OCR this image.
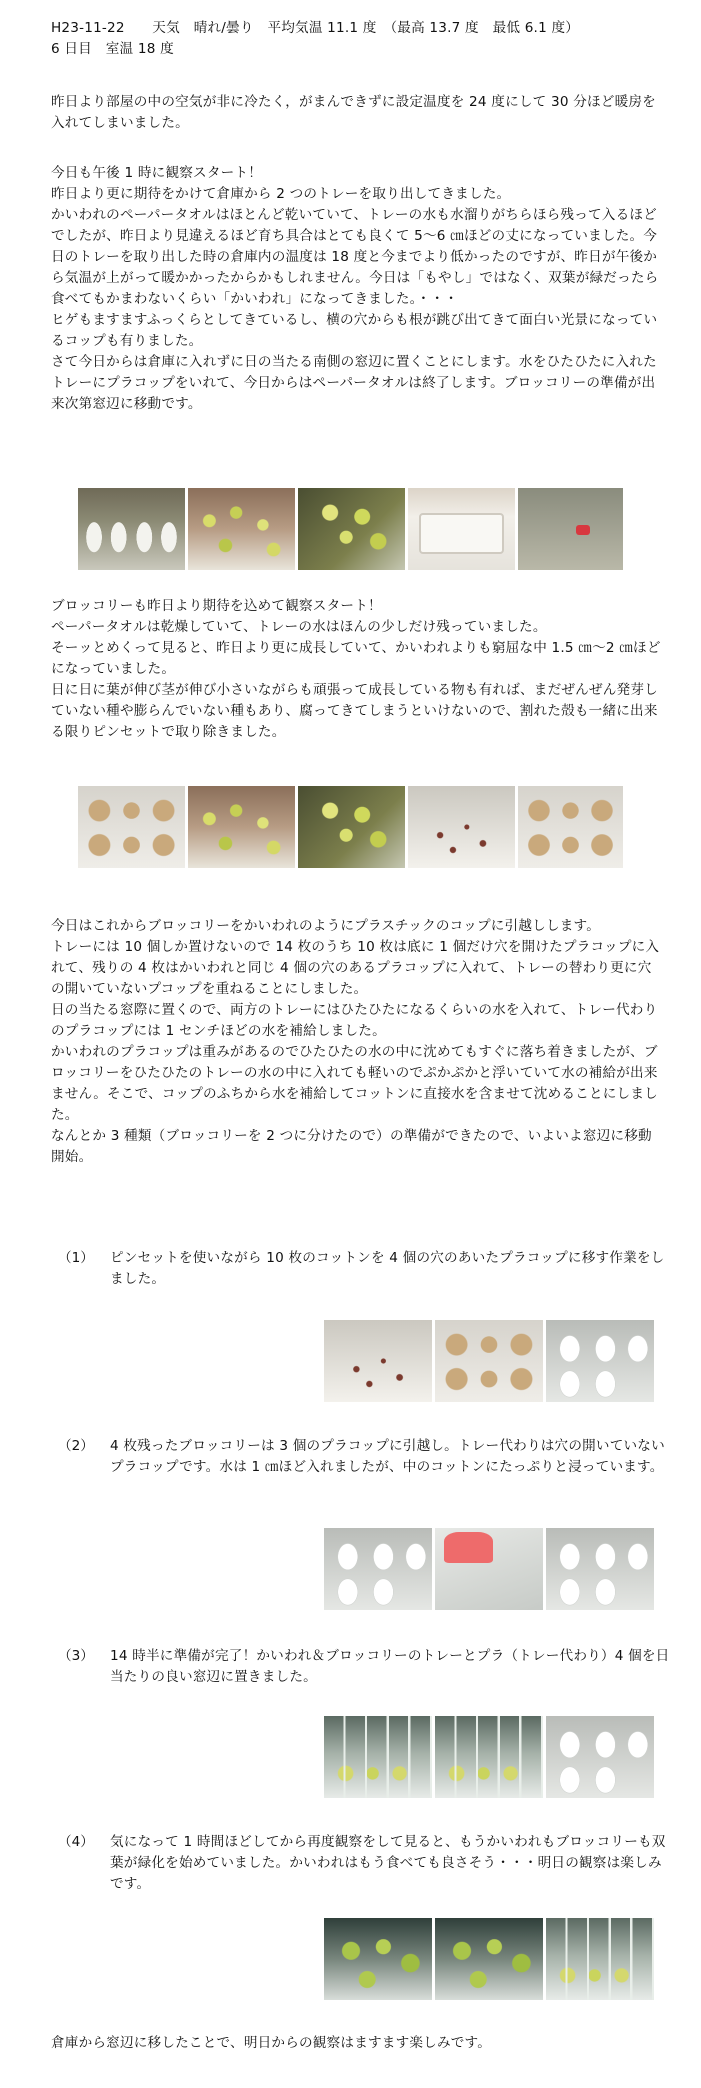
H23-11-22　　天気　晴れ/曇り　平均気温 11.1 度　（最高 13.7 度　最低 6.1 度）
6 日目　室温 18 度

昨日より部屋の中の空気が非に冷たく，がまんできずに設定温度を 24 度にして 30 分ほど暖房を入れてしまいました。

今日も午後 1 時に観察スタート！

昨日より更に期待をかけて倉庫から 2 つのトレーを取り出してきました。

かいわれのペーパータオルはほとんど乾いていて、トレーの水も水溜りがちらほら残って入るほどでしたが、昨日より見違えるほど育ち具合はとても良くて 5〜6 ㎝ほどの丈になっていました。今日のトレーを取り出した時の倉庫内の温度は 18 度と今までより低かったのですが、昨日が午後から気温が上がって暖かかったからかもしれません。今日は「もやし」ではなく、双葉が緑だったら食べてもかまわないくらい「かいわれ」になってきました。・・・

ヒゲもますますふっくらとしてきているし、横の穴からも根が跳び出てきて面白い光景になっているコップも有りました。

さて今日からは倉庫に入れずに日の当たる南側の窓辺に置くことにします。水をひたひたに入れたトレーにプラコップをいれて、今日からはペーパータオルは終了します。ブロッコリーの準備が出来次第窓辺に移動です。

ブロッコリーも昨日より期待を込めて観察スタート！

ペーパータオルは乾燥していて、トレーの水はほんの少しだけ残っていました。

そーッとめくって見ると、昨日より更に成長していて、かいわれよりも窮屈な中 1.5 ㎝〜2 ㎝ほどになっていました。

日に日に葉が伸び茎が伸び小さいながらも頑張って成長している物も有れば、まだぜんぜん発芽していない種や膨らんでいない種もあり、腐ってきてしまうといけないので、割れた殻も一緒に出来る限りピンセットで取り除きました。

今日はこれからブロッコリーをかいわれのようにプラスチックのコップに引越しします。

トレーには 10 個しか置けないので 14 枚のうち 10 枚は底に 1 個だけ穴を開けたプラコップに入れて、残りの 4 枚はかいわれと同じ 4 個の穴のあるプラコップに入れて、トレーの替わり更に穴の開いていないプコップを重ねることにしました。

日の当たる窓際に置くので、両方のトレーにはひたひたになるくらいの水を入れて、トレー代わりのプラコップには 1 センチほどの水を補給しました。

かいわれのプラコップは重みがあるのでひたひたの水の中に沈めてもすぐに落ち着きましたが、ブロッコリーをひたひたのトレーの水の中に入れても軽いのでぷかぷかと浮いていて水の補給が出来ません。そこで、コップのふちから水を補給してコットンに直接水を含ませて沈めることにしました。

なんとか 3 種類（ブロッコリーを 2 つに分けたので）の準備ができたので、いよいよ窓辺に移動開始。

（1） ピンセットを使いながら 10 枚のコットンを 4 個の穴のあいたプラコップに移す作業をしました。
（2） 4 枚残ったブロッコリーは 3 個のプラコップに引越し。トレー代わりは穴の開いていないプラコップです。水は 1 ㎝ほど入れましたが、中のコットンにたっぷりと浸っています。
（3） 14 時半に準備が完了！かいわれ＆ブロッコリーのトレーとプラ（トレー代わり）4 個を日当たりの良い窓辺に置きました。
（4） 気になって 1 時間ほどしてから再度観察をして見ると、もうかいわれもブロッコリーも双葉が緑化を始めていました。かいわれはもう食べても良さそう・・・明日の観察は楽しみです。
倉庫から窓辺に移したことで、明日からの観察はますます楽しみです。
